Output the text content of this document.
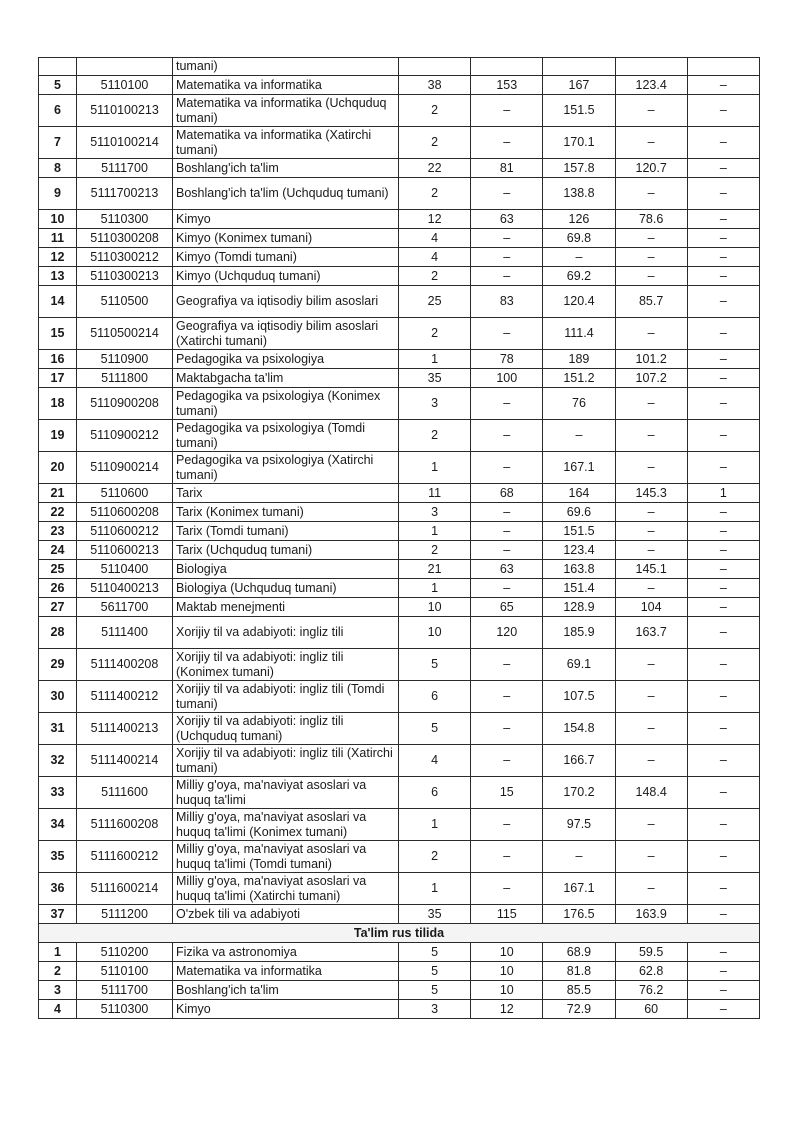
		tumani)					
5	5110100	Matematika va informatika	38	153	167	123.4	–
6	5110100213	Matematika va informatika (Uchquduq tumani)	2	–	151.5	–	–
7	5110100214	Matematika va informatika (Xatirchi tumani)	2	–	170.1	–	–
8	5111700	Boshlang'ich ta'lim	22	81	157.8	120.7	–
9	5111700213	Boshlang'ich ta'lim (Uchquduq tumani)	2	–	138.8	–	–
10	5110300	Kimyo	12	63	126	78.6	–
11	5110300208	Kimyo (Konimex tumani)	4	–	69.8	–	–
12	5110300212	Kimyo (Tomdi tumani)	4	–	–	–	–
13	5110300213	Kimyo (Uchquduq tumani)	2	–	69.2	–	–
14	5110500	Geografiya va iqtisodiy bilim asoslari	25	83	120.4	85.7	–
15	5110500214	Geografiya va iqtisodiy bilim asoslari (Xatirchi tumani)	2	–	111.4	–	–
16	5110900	Pedagogika va psixologiya	1	78	189	101.2	–
17	5111800	Maktabgacha ta'lim	35	100	151.2	107.2	–
18	5110900208	Pedagogika va psixologiya (Konimex tumani)	3	–	76	–	–
19	5110900212	Pedagogika va psixologiya (Tomdi tumani)	2	–	–	–	–
20	5110900214	Pedagogika va psixologiya (Xatirchi tumani)	1	–	167.1	–	–
21	5110600	Tarix	11	68	164	145.3	1
22	5110600208	Tarix (Konimex tumani)	3	–	69.6	–	–
23	5110600212	Tarix (Tomdi tumani)	1	–	151.5	–	–
24	5110600213	Tarix (Uchquduq tumani)	2	–	123.4	–	–
25	5110400	Biologiya	21	63	163.8	145.1	–
26	5110400213	Biologiya (Uchquduq tumani)	1	–	151.4	–	–
27	5611700	Maktab menejmenti	10	65	128.9	104	–
28	5111400	Xorijiy til va adabiyoti: ingliz tili	10	120	185.9	163.7	–
29	5111400208	Xorijiy til va adabiyoti: ingliz tili (Konimex tumani)	5	–	69.1	–	–
30	5111400212	Xorijiy til va adabiyoti: ingliz tili (Tomdi tumani)	6	–	107.5	–	–
31	5111400213	Xorijiy til va adabiyoti: ingliz tili (Uchquduq tumani)	5	–	154.8	–	–
32	5111400214	Xorijiy til va adabiyoti: ingliz tili (Xatirchi tumani)	4	–	166.7	–	–
33	5111600	Milliy g'oya, ma'naviyat asoslari va huquq ta'limi	6	15	170.2	148.4	–
34	5111600208	Milliy g'oya, ma'naviyat asoslari va huquq ta'limi (Konimex tumani)	1	–	97.5	–	–
35	5111600212	Milliy g'oya, ma'naviyat asoslari va huquq ta'limi (Tomdi tumani)	2	–	–	–	–
36	5111600214	Milliy g'oya, ma'naviyat asoslari va huquq ta'limi (Xatirchi tumani)	1	–	167.1	–	–
37	5111200	O'zbek tili va adabiyoti	35	115	176.5	163.9	–
Ta'lim rus tilida							
1	5110200	Fizika va astronomiya	5	10	68.9	59.5	–
2	5110100	Matematika va informatika	5	10	81.8	62.8	–
3	5111700	Boshlang'ich ta'lim	5	10	85.5	76.2	–
4	5110300	Kimyo	3	12	72.9	60	–
